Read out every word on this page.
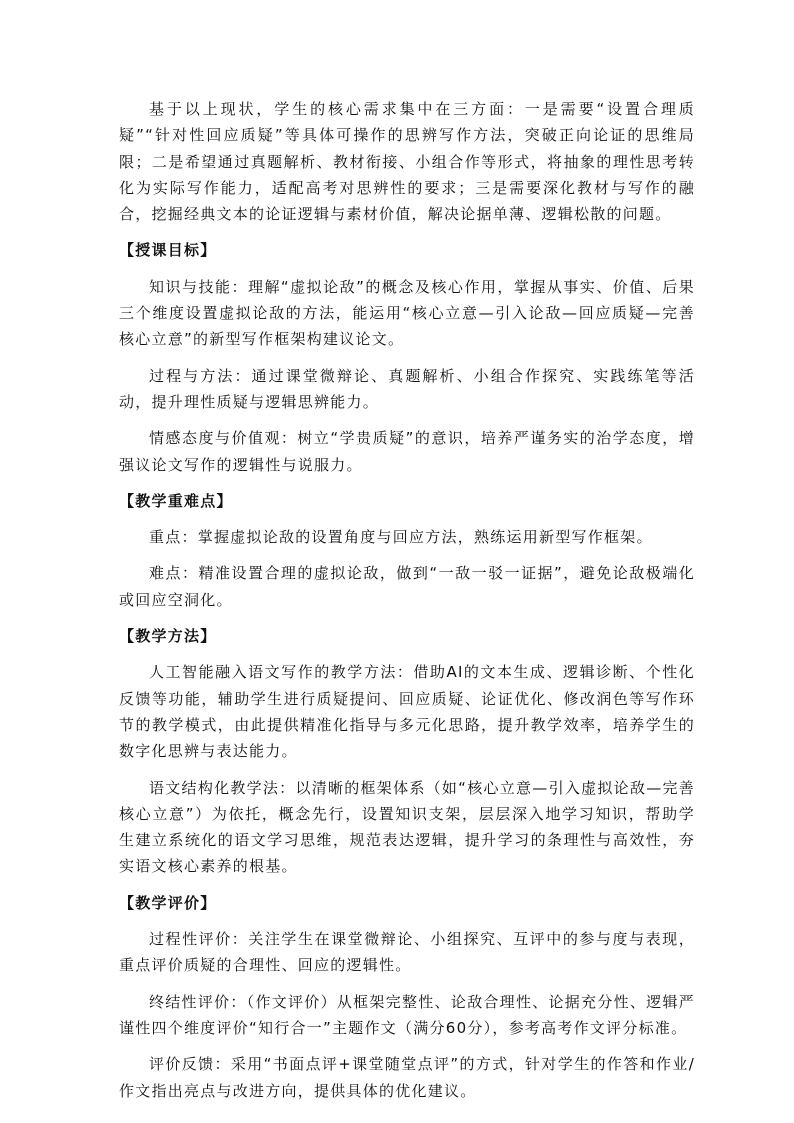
基于以上现状，学生的核心需求集中在三方面：一是需要“设置合理质疑”“针对性回应质疑”等具体可操作的思辨写作方法，突破正向论证的思维局限；二是希望通过真题解析、教材衔接、小组合作等形式，将抽象的理性思考转化为实际写作能力，适配高考对思辨性的要求；三是需要深化教材与写作的融合，挖掘经典文本的论证逻辑与素材价值，解决论据单薄、逻辑松散的问题。

【授课目标】

知识与技能：理解“虚拟论敌”的概念及核心作用，掌握从事实、价值、后果三个维度设置虚拟论敌的方法，能运用“核心立意—引入论敌—回应质疑—完善核心立意”的新型写作框架构建议论文。

过程与方法：通过课堂微辩论、真题解析、小组合作探究、实践练笔等活动，提升理性质疑与逻辑思辨能力。

情感态度与价值观：树立“学贵质疑”的意识，培养严谨务实的治学态度，增强议论文写作的逻辑性与说服力。

【教学重难点】

重点：掌握虚拟论敌的设置角度与回应方法，熟练运用新型写作框架。

难点：精准设置合理的虚拟论敌，做到“一敌一驳一证据”，避免论敌极端化或回应空洞化。

【教学方法】

人工智能融入语文写作的教学方法：借助AI的文本生成、逻辑诊断、个性化反馈等功能，辅助学生进行质疑提问、回应质疑、论证优化、修改润色等写作环节的教学模式，由此提供精准化指导与多元化思路，提升教学效率，培养学生的数字化思辨与表达能力。

语文结构化教学法：以清晰的框架体系（如“核心立意—引入虚拟论敌—完善核心立意”）为依托，概念先行，设置知识支架，层层深入地学习知识，帮助学生建立系统化的语文学习思维，规范表达逻辑，提升学习的条理性与高效性，夯实语文核心素养的根基。

【教学评价】

过程性评价：关注学生在课堂微辩论、小组探究、互评中的参与度与表现，重点评价质疑的合理性、回应的逻辑性。

终结性评价：（作文评价）从框架完整性、论敌合理性、论据充分性、逻辑严谨性四个维度评价“知行合一”主题作文（满分60分），参考高考作文评分标准。

评价反馈：采用“书面点评+课堂随堂点评”的方式，针对学生的作答和作业/作文指出亮点与改进方向，提供具体的优化建议。
